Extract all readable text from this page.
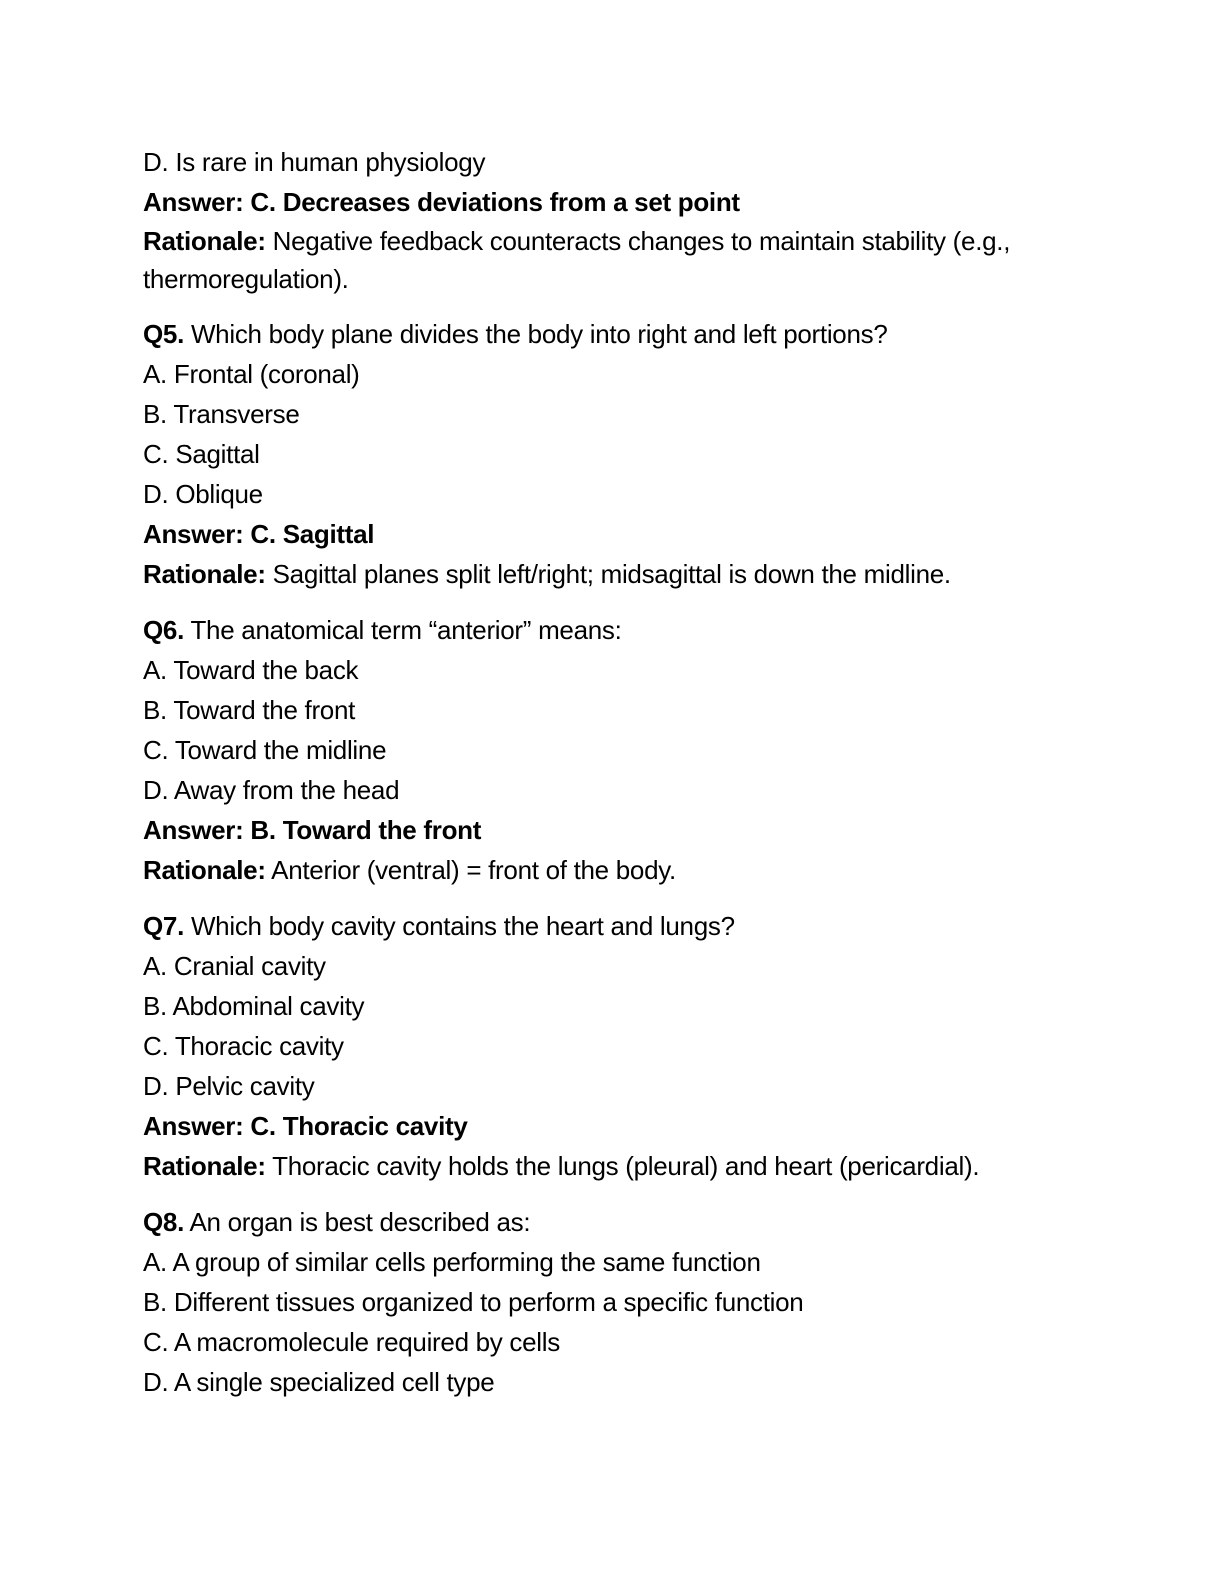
D. Is rare in human physiology
Answer: C. Decreases deviations from a set point
Rationale: Negative feedback counteracts changes to maintain stability (e.g., thermoregulation).
Q5. Which body plane divides the body into right and left portions?
A. Frontal (coronal)
B. Transverse
C. Sagittal
D. Oblique
Answer: C. Sagittal
Rationale: Sagittal planes split left/right; midsagittal is down the midline.
Q6. The anatomical term “anterior” means:
A. Toward the back
B. Toward the front
C. Toward the midline
D. Away from the head
Answer: B. Toward the front
Rationale: Anterior (ventral) = front of the body.
Q7. Which body cavity contains the heart and lungs?
A. Cranial cavity
B. Abdominal cavity
C. Thoracic cavity
D. Pelvic cavity
Answer: C. Thoracic cavity
Rationale: Thoracic cavity holds the lungs (pleural) and heart (pericardial).
Q8. An organ is best described as:
A. A group of similar cells performing the same function
B. Different tissues organized to perform a specific function
C. A macromolecule required by cells
D. A single specialized cell type
